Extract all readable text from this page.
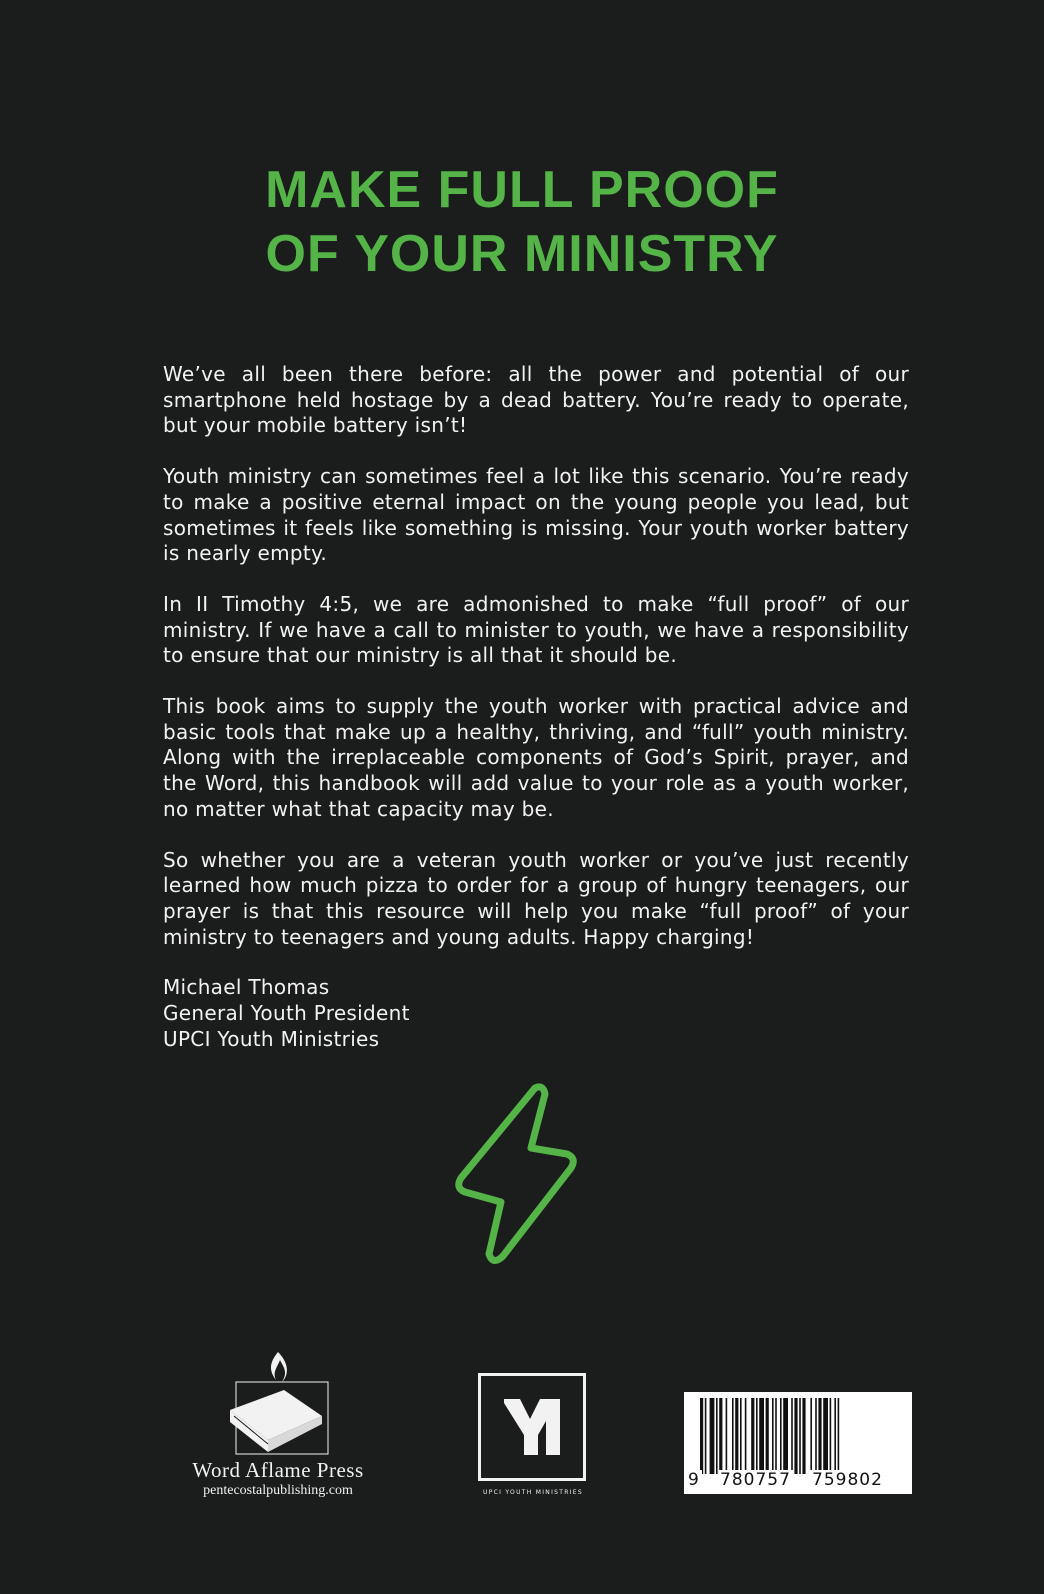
MAKE FULL PROOF
OF YOUR MINISTRY

We’ve all been there before: all the power and potential of our smartphone held hostage by a dead battery. You’re ready to operate, but your mobile battery isn’t!

Youth ministry can sometimes feel a lot like this scenario. You’re ready to make a positive eternal impact on the young people you lead, but sometimes it feels like something is missing. Your youth worker battery is nearly empty.

In II Timothy 4:5, we are admonished to make “full proof” of our ministry. If we have a call to minister to youth, we have a responsibility to ensure that our ministry is all that it should be.

This book aims to supply the youth worker with practical advice and basic tools that make up a healthy, thriving, and “full” youth ministry. Along with the irreplaceable components of God’s Spirit, prayer, and the Word, this handbook will add value to your role as a youth worker, no matter what that capacity may be.

So whether you are a veteran youth worker or you’ve just recently learned how much pizza to order for a group of hungry teenagers, our prayer is that this resource will help you make “full proof” of your ministry to teenagers and young adults. Happy charging!

Michael Thomas
General Youth President
UPCI Youth Ministries
Word Aflame Press
pentecostalpublishing.com	UPCI YOUTH MINISTRIES
9 780757 759802
